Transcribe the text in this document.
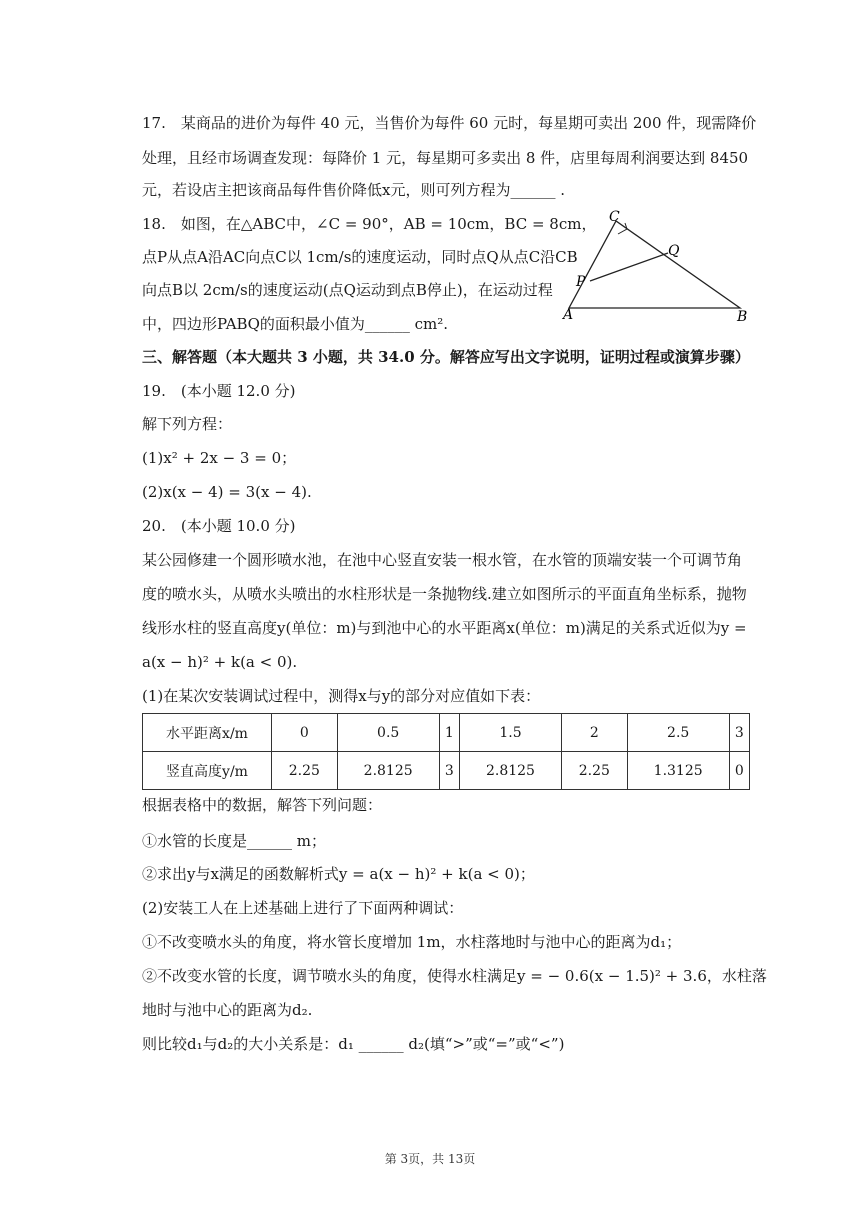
17.　某商品的进价为每件 40 元，当售价为每件 60 元时，每星期可卖出 200 件，现需降价
处理，且经市场调查发现：每降价 1 元，每星期可多卖出 8 件，店里每周利润要达到 8450
元，若设店主把该商品每件售价降低x元，则可列方程为______ .
18.　如图，在△ABC中，∠C = 90°，AB = 10cm，BC = 8cm，
点P从点A沿AC向点C以 1cm/s的速度运动，同时点Q从点C沿CB
向点B以 2cm/s的速度运动(点Q运动到点B停止)，在运动过程
中，四边形PABQ的面积最小值为______ cm².
C
Q
P
A	B
三、解答题（本大题共 3 小题，共 34.0 分。解答应写出文字说明，证明过程或演算步骤）
19.　(本小题 12.0 分)
解下列方程：
(1)x² + 2x − 3 = 0；
(2)x(x − 4) = 3(x − 4).
20.　(本小题 10.0 分)
某公园修建一个圆形喷水池，在池中心竖直安装一根水管，在水管的顶端安装一个可调节角
度的喷水头，从喷水头喷出的水柱形状是一条抛物线.建立如图所示的平面直角坐标系，抛物
线形水柱的竖直高度y(单位：m)与到池中心的水平距离x(单位：m)满足的关系式近似为y =
a(x − h)² + k(a < 0).
(1)在某次安装调试过程中，测得x与y的部分对应值如下表：
水平距离x/m	0	0.5	1	1.5	2	2.5	3
竖直高度y/m	2.25	2.8125	3	2.8125	2.25	1.3125	0
根据表格中的数据，解答下列问题：
①水管的长度是______ m；
②求出y与x满足的函数解析式y = a(x − h)² + k(a < 0)；
(2)安装工人在上述基础上进行了下面两种调试：
①不改变喷水头的角度，将水管长度增加 1m，水柱落地时与池中心的距离为d₁；
②不改变水管的长度，调节喷水头的角度，使得水柱满足y = − 0.6(x − 1.5)² + 3.6，水柱落
地时与池中心的距离为d₂.
则比较d₁与d₂的大小关系是：d₁ ______ d₂(填“>”或“=”或“<”)
第 3页，共 13页
